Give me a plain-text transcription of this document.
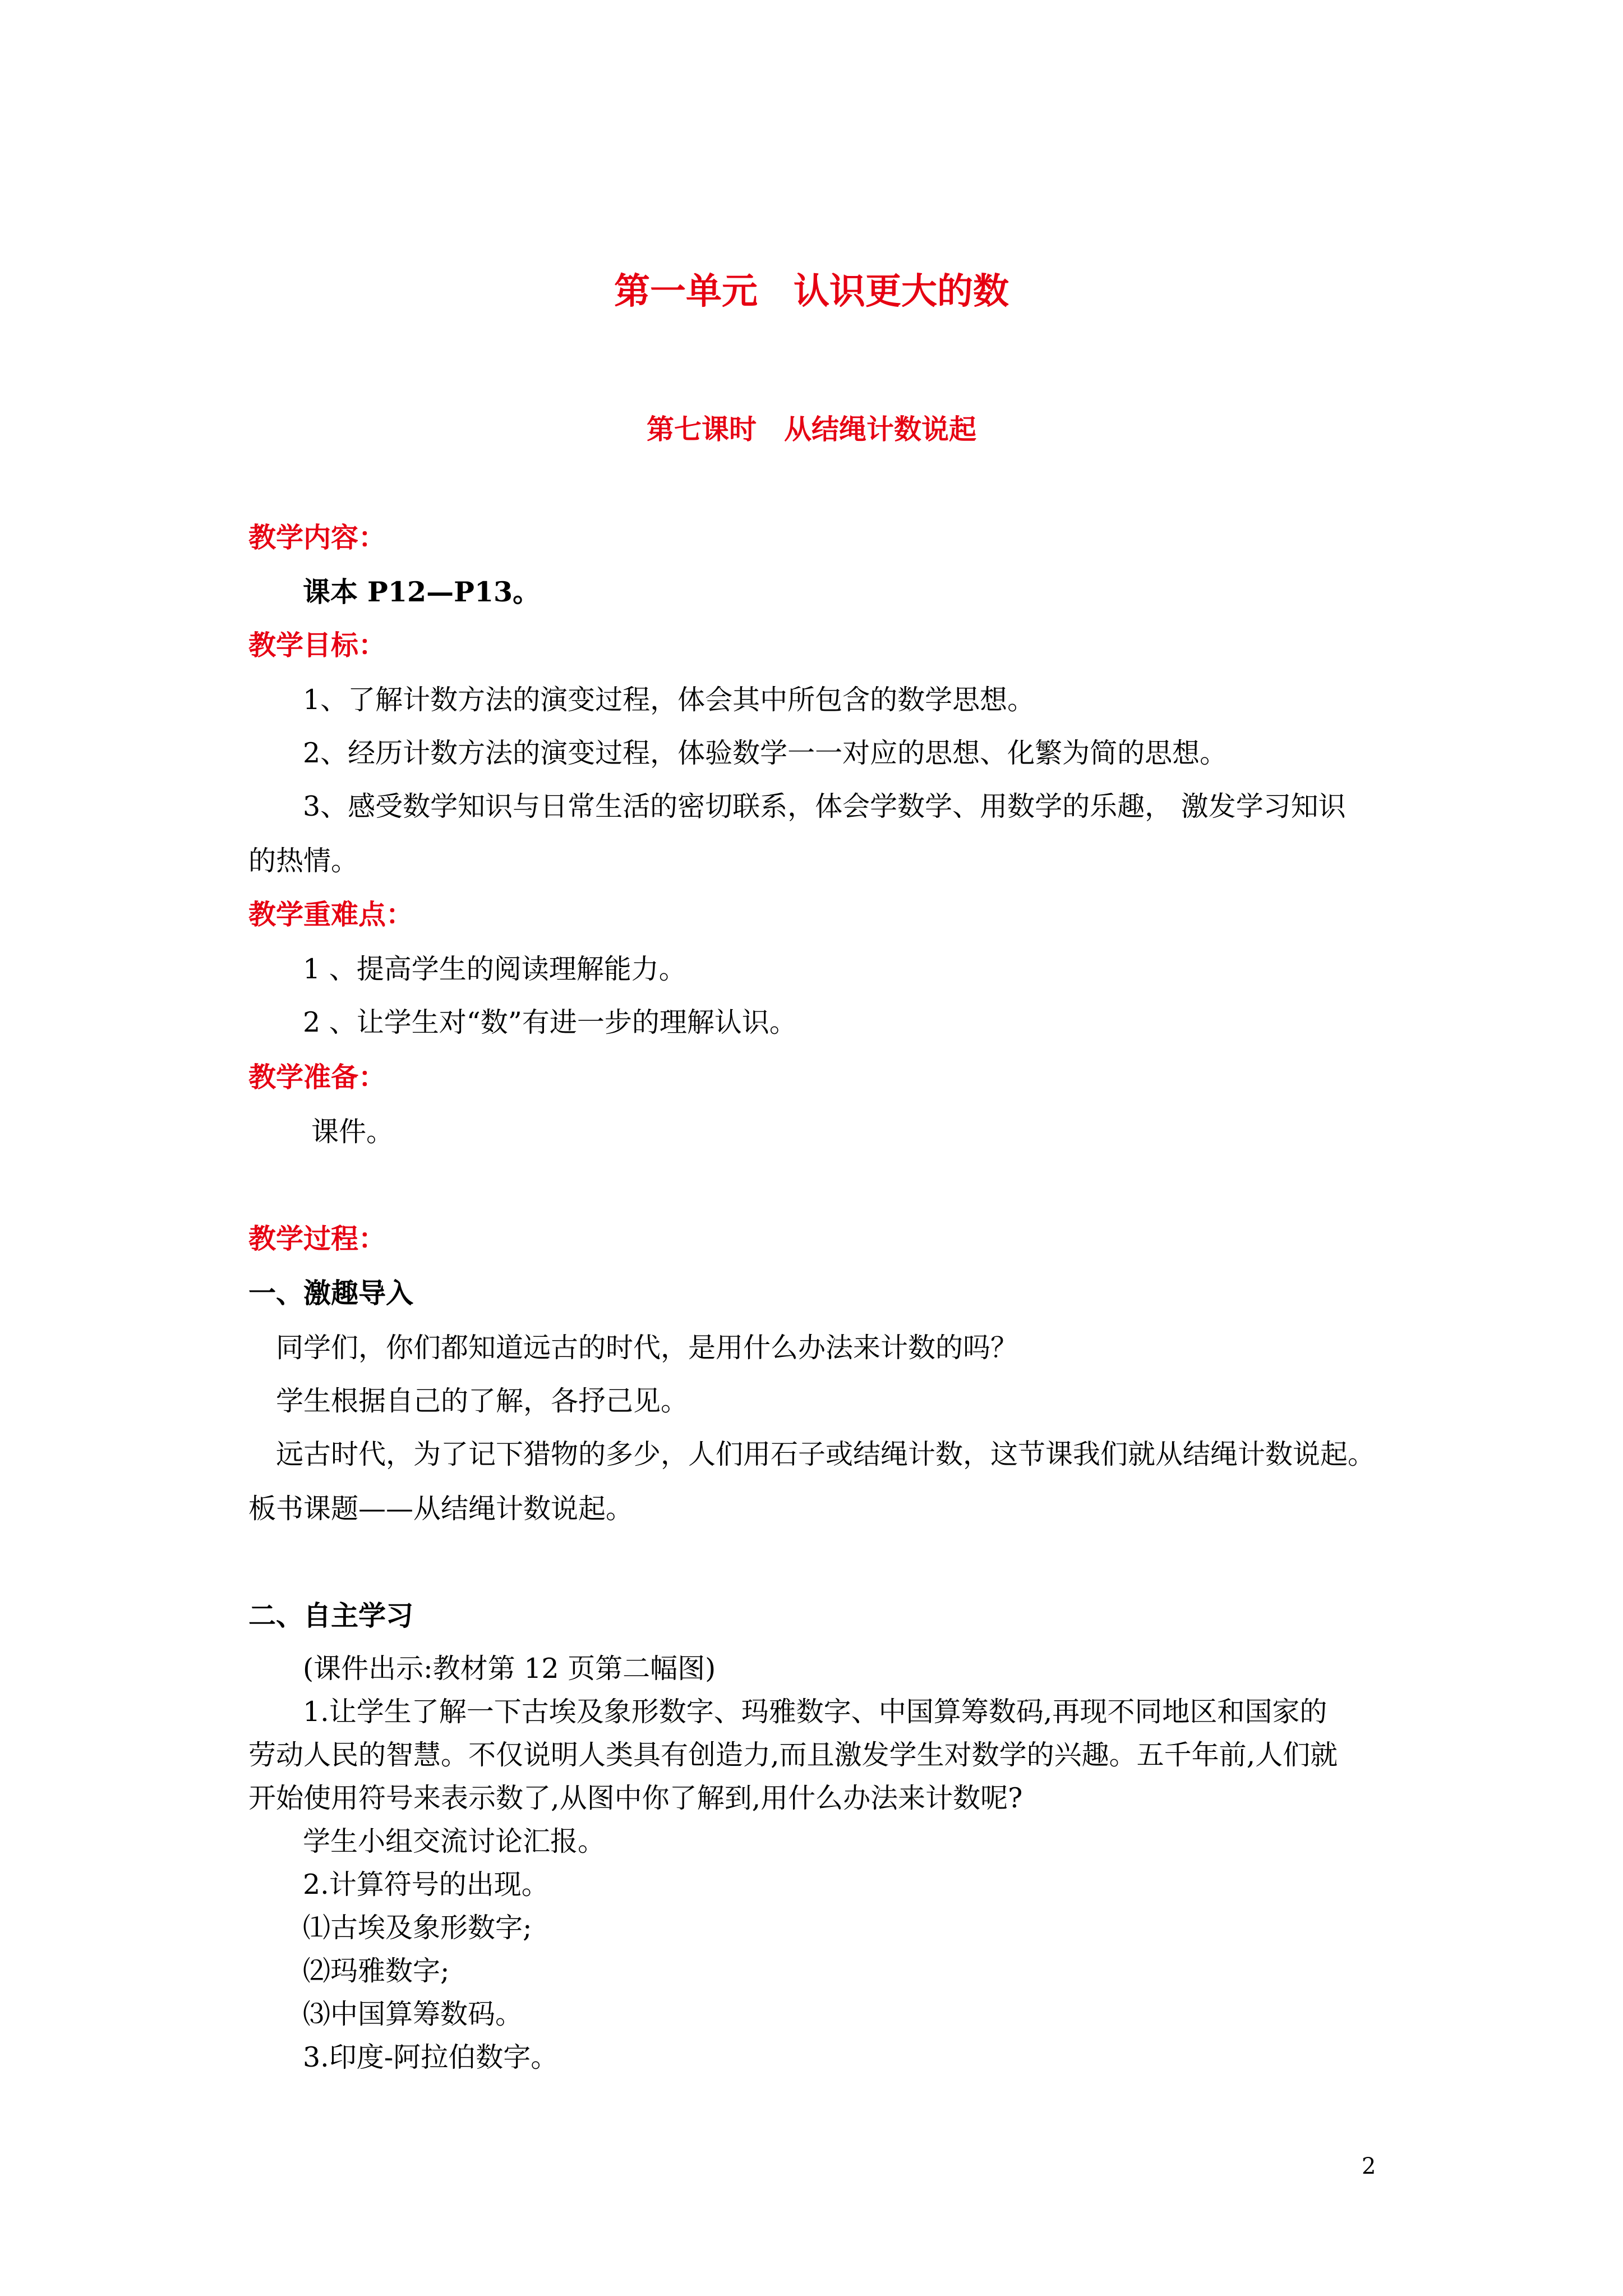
第一单元　认识更大的数
第七课时　从结绳计数说起
教学内容：
课本 P12—P13。
教学目标：
1、了解计数方法的演变过程，体会其中所包含的数学思想。
2、经历计数方法的演变过程，体验数学一一对应的思想、化繁为简的思想。
3、感受数学知识与日常生活的密切联系，体会学数学、用数学的乐趣， 激发学习知识
的热情。
教学重难点：
1 、提高学生的阅读理解能力。
2 、让学生对“数”有进一步的理解认识。
教学准备：
课件。
教学过程：
一、激趣导入
同学们，你们都知道远古的时代，是用什么办法来计数的吗？
学生根据自己的了解，各抒己见。
远古时代，为了记下猎物的多少，人们用石子或结绳计数，这节课我们就从结绳计数说起。
板书课题——从结绳计数说起。
二、自主学习
(课件出示:教材第 12 页第二幅图)
1.让学生了解一下古埃及象形数字、玛雅数字、中国算筹数码,再现不同地区和国家的
劳动人民的智慧。不仅说明人类具有创造力,而且激发学生对数学的兴趣。五千年前,人们就
开始使用符号来表示数了,从图中你了解到,用什么办法来计数呢?
学生小组交流讨论汇报。
2.计算符号的出现。
⑴古埃及象形数字;
⑵玛雅数字;
⑶中国算筹数码。
3.印度-阿拉伯数字。
2
